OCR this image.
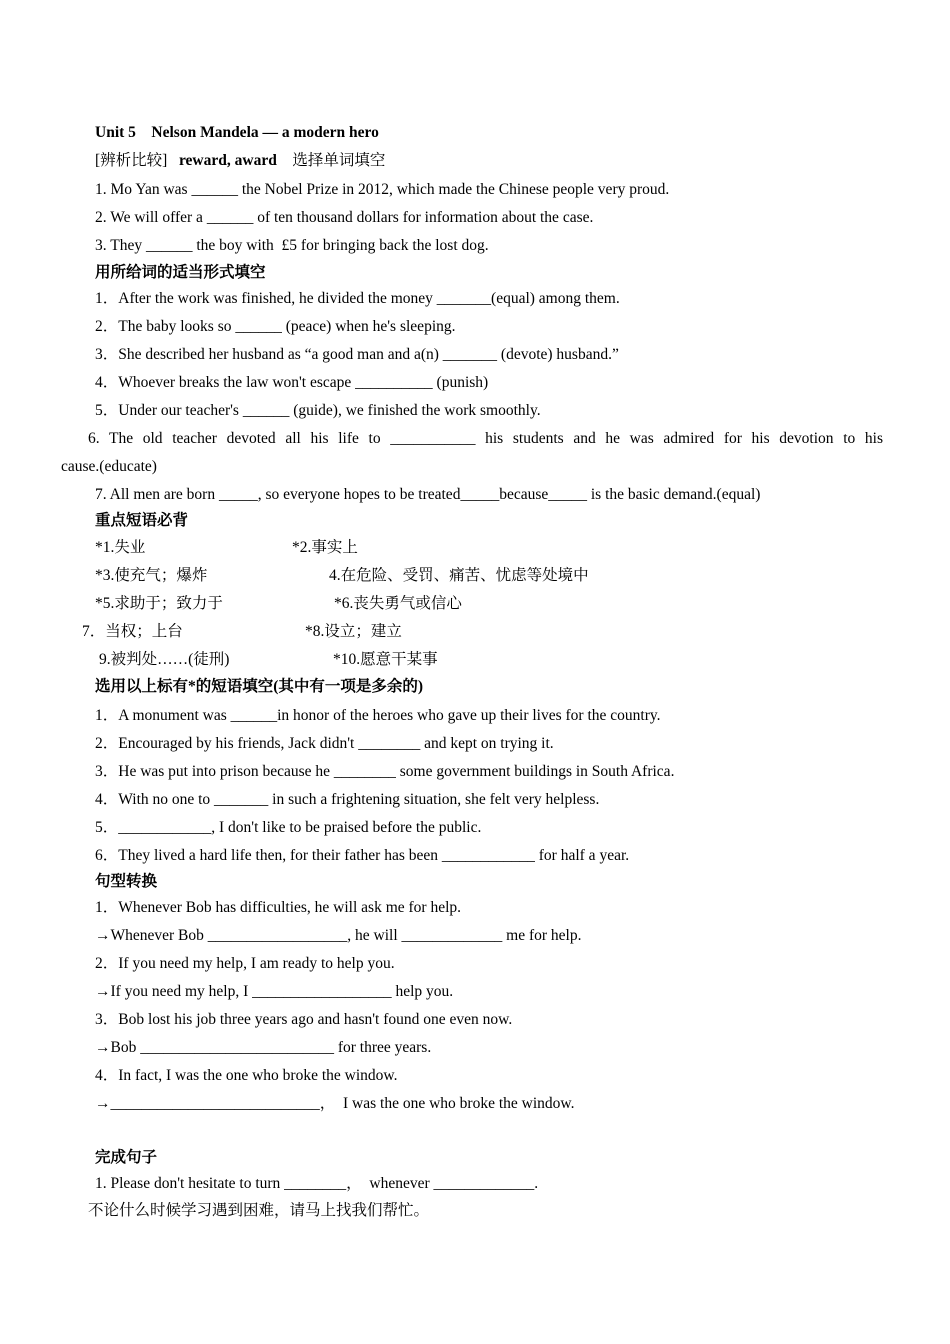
Unit 5    Nelson Mandela — a modern hero
[辨析比较] reward, award 选择单词填空
1. Mo Yan was ______ the Nobel Prize in 2012, which made the Chinese people very proud.
2. We will offer a ______ of ten thousand dollars for information about the case.
3. They ______ the boy with  £5 for bringing back the lost dog.
用所给词的适当形式填空
1．After the work was finished, he divided the money _______(equal) among them.
2．The baby looks so ______ (peace) when he's sleeping.
3．She described her husband as “a good man and a(n) _______ (devote) husband.”
4．Whoever breaks the law won't escape __________ (punish)
5．Under our teacher's ______ (guide), we finished the work smoothly.
6. The old teacher devoted all his life to ___________ his students and he was admired for his devotion to his
cause.(educate)
7. All men are born _____, so everyone hopes to be treated_____because_____ is the basic demand.(equal)
重点短语必背
*1.失业	*2.事实上
*3.使充气；爆炸	4.在危险、受罚、痛苦、忧虑等处境中
*5.求助于；致力于	*6.丧失勇气或信心
7．当权；上台	*8.设立；建立
9.被判处……(徒刑)	*10.愿意干某事
选用以上标有*的短语填空(其中有一项是多余的)
1．A monument was ______in honor of the heroes who gave up their lives for the country.
2．Encouraged by his friends, Jack didn't ________ and kept on trying it.
3．He was put into prison because he ________ some government buildings in South Africa.
4．With no one to _______ in such a frightening situation, she felt very helpless.
5．____________, I don't like to be praised before the public.
6．They lived a hard life then, for their father has been ____________ for half a year.
句型转换
1．Whenever Bob has difficulties, he will ask me for help.
→Whenever Bob __________________, he will _____________ me for help.
2．If you need my help, I am ready to help you.
→If you need my help, I __________________ help you.
3．Bob lost his job three years ago and hasn't found one even now.
→Bob _________________________ for three years.
4．In fact, I was the one who broke the window.
→___________________________，  I was the one who broke the window.
完成句子
1. Please don't hesitate to turn ________，  whenever _____________.
不论什么时候学习遇到困难，请马上找我们帮忙。
